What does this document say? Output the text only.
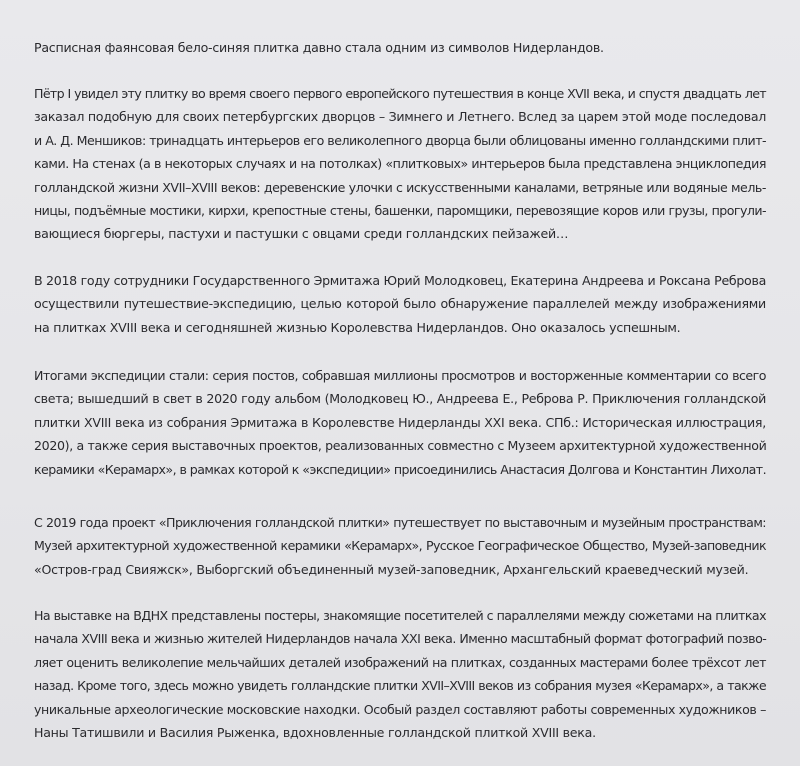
Расписная фаянсовая бело-синяя плитка давно стала одним из символов Нидерландов.

Пётр I увидел эту плитку во время своего первого европейского путешествия в конце XVII века, и спустя двадцать лет
заказал подобную для своих петербургских дворцов – Зимнего и Летнего. Вслед за царем этой моде последовал
и А. Д. Меншиков: тринадцать интерьеров его великолепного дворца были облицованы именно голландскими плит-
ками. На стенах (а в некоторых случаях и на потолках) «плитковых» интерьеров была представлена энциклопедия
голландской жизни XVII–XVIII веков: деревенские улочки с искусственными каналами, ветряные или водяные мель-
ницы, подъёмные мостики, кирхи, крепостные стены, башенки, паромщики, перевозящие коров или грузы, прогули-
вающиеся бюргеры, пастухи и пастушки с овцами среди голландских пейзажей…

В 2018 году сотрудники Государственного Эрмитажа Юрий Молодковец, Екатерина Андреева и Роксана Реброва
осуществили путешествие-экспедицию, целью которой было обнаружение параллелей между изображениями
на плитках XVIII века и сегодняшней жизнью Королевства Нидерландов. Оно оказалось успешным.

Итогами экспедиции стали: серия постов, собравшая миллионы просмотров и восторженные комментарии со всего
света; вышедший в свет в 2020 году альбом (Молодковец Ю., Андреева Е., Реброва Р. Приключения голландской
плитки XVIII века из собрания Эрмитажа в Королевстве Нидерланды XXI века. СПб.: Историческая иллюстрация,
2020), а также серия выставочных проектов, реализованных совместно с Музеем архитектурной художественной
керамики «Керамарх», в рамках которой к «экспедиции» присоединились Анастасия Долгова и Константин Лихолат.

С 2019 года проект «Приключения голландской плитки» путешествует по выставочным и музейным пространствам:
Музей архитектурной художественной керамики «Керамарх», Русское Географическое Общество, Музей-заповедник
«Остров-град Свияжск», Выборгский объединенный музей-заповедник, Архангельский краеведческий музей.

На выставке на ВДНХ представлены постеры, знакомящие посетителей с параллелями между сюжетами на плитках
начала XVIII века и жизнью жителей Нидерландов начала XXI века. Именно масштабный формат фотографий позво-
ляет оценить великолепие мельчайших деталей изображений на плитках, созданных мастерами более трёхсот лет
назад. Кроме того, здесь можно увидеть голландские плитки XVII–XVIII веков из собрания музея «Керамарх», а также
уникальные археологические московские находки. Особый раздел составляют работы современных художников –
Наны Татишвили и Василия Рыженка, вдохновленные голландской плиткой XVIII века.
